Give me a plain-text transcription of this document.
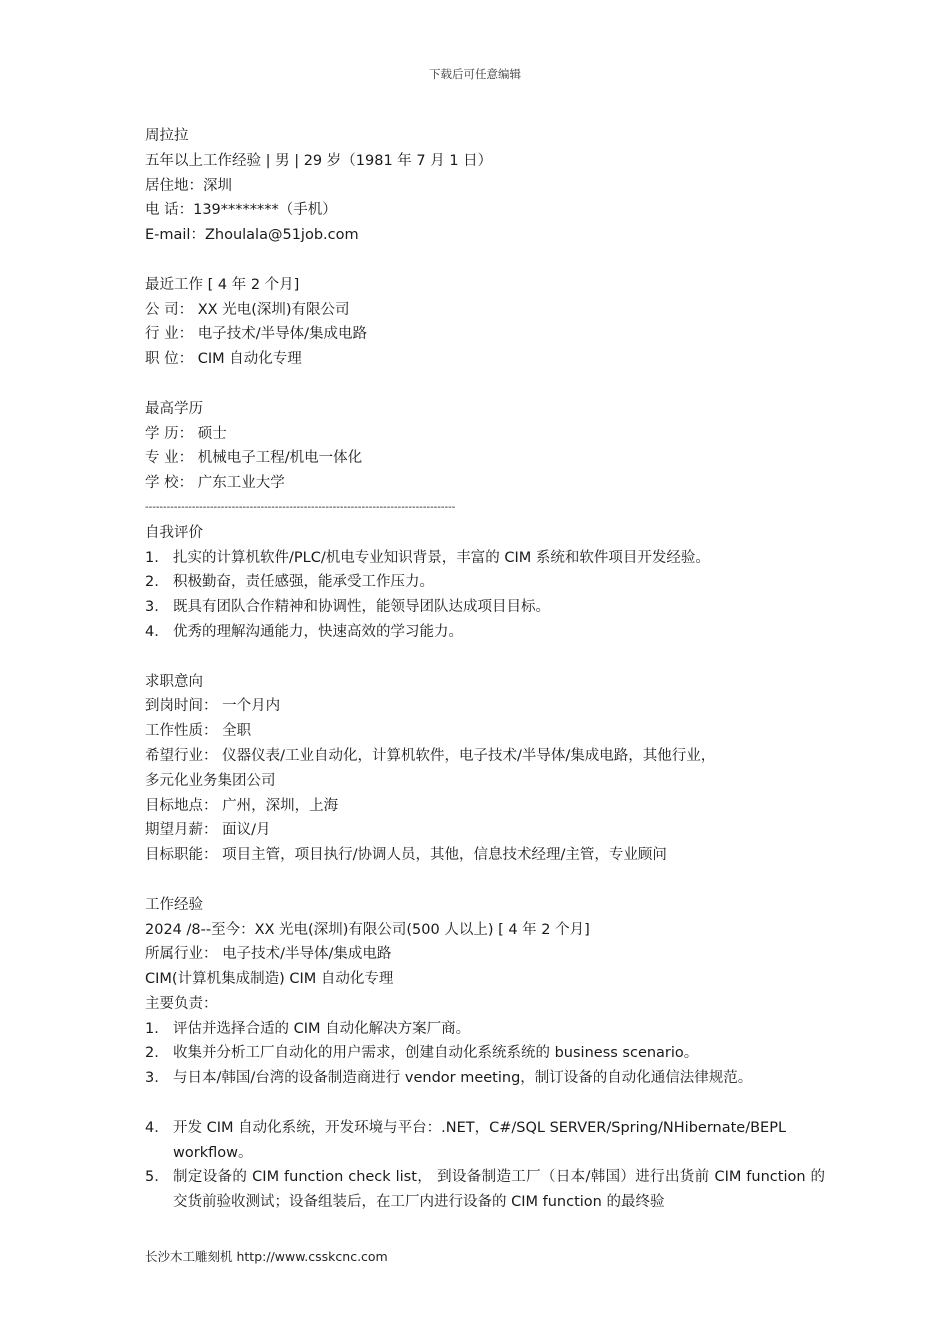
下载后可任意编辑
周拉拉
五年以上工作经验 | 男 | 29 岁（1981 年 7 月 1 日）
居住地：深圳
电 话：139********（手机）
E-mail：Zhoulala@51job.com
最近工作 [ 4 年 2 个月]
公 司： XX 光电(深圳)有限公司
行 业： 电子技术/半导体/集成电路
职 位： CIM 自动化专理
最高学历
学 历： 硕士
专 业： 机械电子工程/机电一体化
学 校： 广东工业大学
--------------------------------------------------------------------------------------
自我评价
1. 扎实的计算机软件/PLC/机电专业知识背景，丰富的 CIM 系统和软件项目开发经验。
2. 积极勤奋，责任感强，能承受工作压力。
3. 既具有团队合作精神和协调性，能领导团队达成项目目标。
4. 优秀的理解沟通能力，快速高效的学习能力。
求职意向
到岗时间： 一个月内
工作性质： 全职
希望行业： 仪器仪表/工业自动化，计算机软件，电子技术/半导体/集成电路，其他行业，
多元化业务集团公司
目标地点： 广州，深圳，上海
期望月薪： 面议/月
目标职能： 项目主管，项目执行/协调人员，其他，信息技术经理/主管，专业顾问
工作经验
2024 /8--至今：XX 光电(深圳)有限公司(500 人以上) [ 4 年 2 个月]
所属行业： 电子技术/半导体/集成电路
CIM(计算机集成制造) CIM 自动化专理
主要负责：
1. 评估并选择合适的 CIM 自动化解决方案厂商。
2. 收集并分析工厂自动化的用户需求，创建自动化系统系统的 business scenario。
3. 与日本/韩国/台湾的设备制造商进行 vendor meeting，制订设备的自动化通信法律规范。
4. 开发 CIM 自动化系统，开发环境与平台：.NET，C#/SQL SERVER/Spring/NHibernate/BEPL workflow。
5. 制定设备的 CIM function check list， 到设备制造工厂（日本/韩国）进行出货前 CIM function 的交货前验收测试；设备组装后，在工厂内进行设备的 CIM function 的最终验
长沙木工雕刻机 http://www.csskcnc.com
